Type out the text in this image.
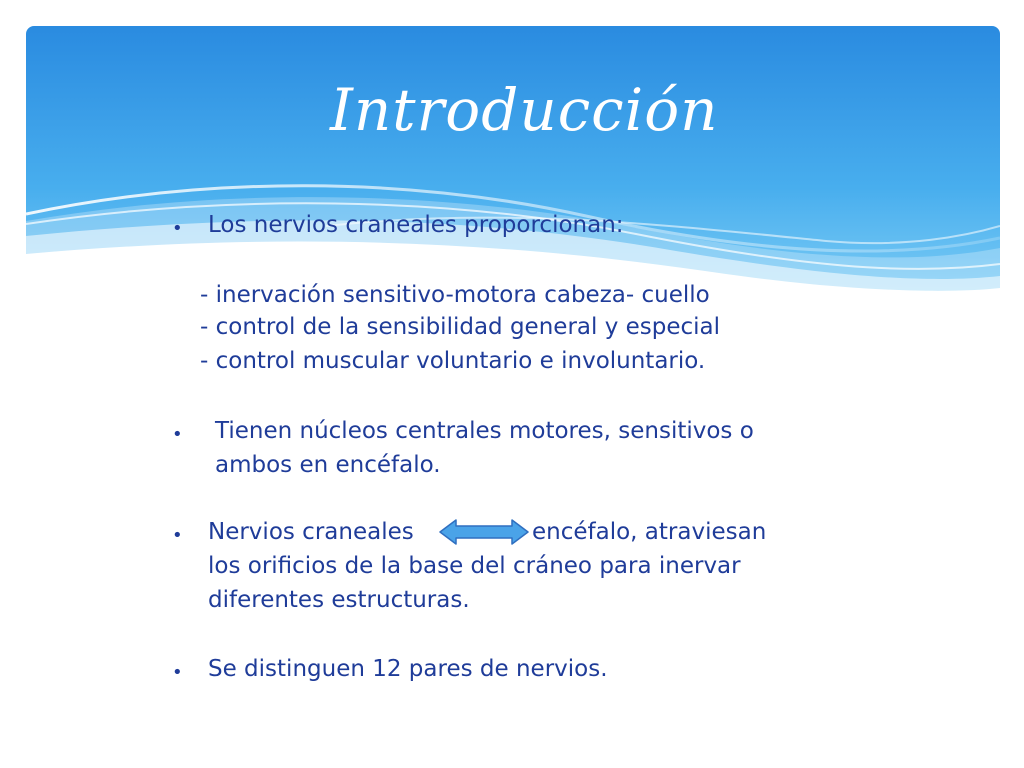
Introducción
• Los nervios craneales proporcionan:
- inervación sensitivo-motora cabeza- cuello
- control de la sensibilidad general y especial
- control muscular voluntario e involuntario.
• Tienen núcleos centrales motores, sensitivos o
ambos en encéfalo.
• Nervios craneales	encéfalo, atraviesan
los orificios de la base del cráneo para inervar
diferentes estructuras.
• Se distinguen 12 pares de nervios.
